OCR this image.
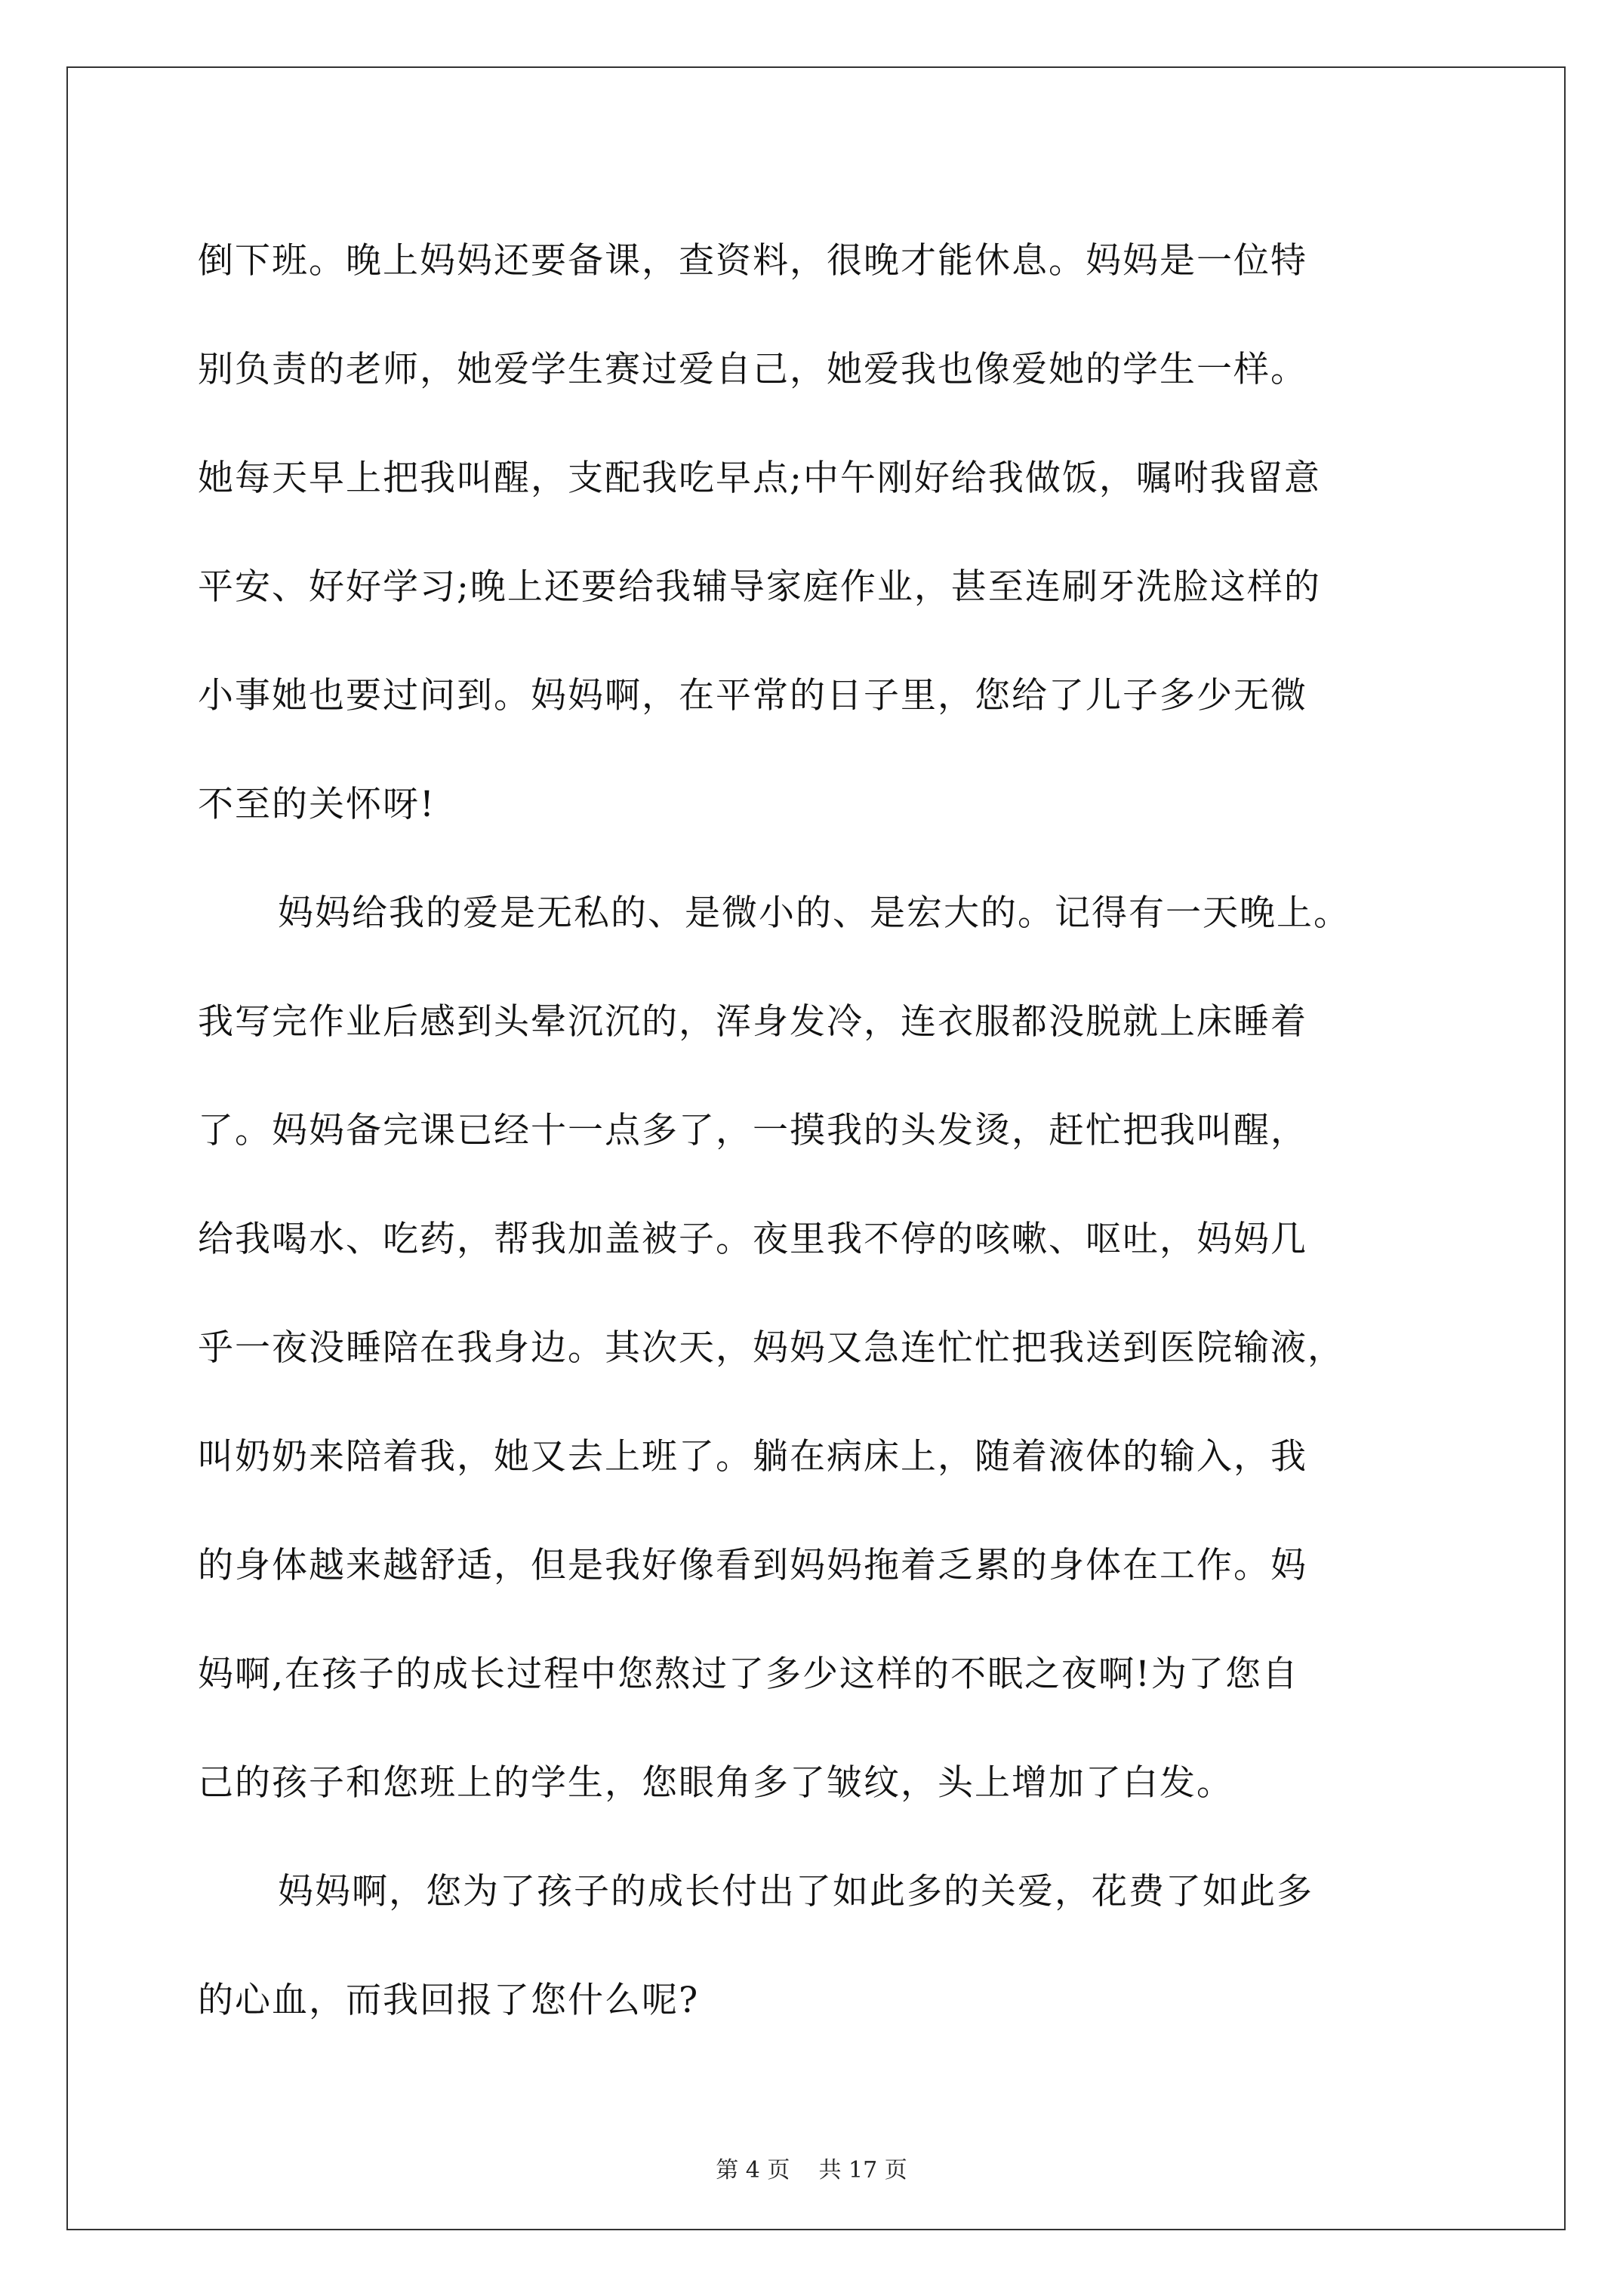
倒下班。晚上妈妈还要备课，查资料，很晚才能休息。妈妈是一位特
别负责的老师，她爱学生赛过爱自己，她爱我也像爱她的学生一样。
她每天早上把我叫醒，支配我吃早点;中午刚好给我做饭，嘱咐我留意
平安、好好学习;晚上还要给我辅导家庭作业，甚至连刷牙洗脸这样的
小事她也要过问到。妈妈啊，在平常的日子里，您给了儿子多少无微
不至的关怀呀!
妈妈给我的爱是无私的、是微小的、是宏大的。记得有一天晚上。
我写完作业后感到头晕沉沉的，浑身发冷，连衣服都没脱就上床睡着
了。妈妈备完课已经十一点多了，一摸我的头发烫，赶忙把我叫醒，
给我喝水、吃药，帮我加盖被子。夜里我不停的咳嗽、呕吐，妈妈几
乎一夜没睡陪在我身边。其次天，妈妈又急连忙忙把我送到医院输液，
叫奶奶来陪着我，她又去上班了。躺在病床上，随着液体的输入，我
的身体越来越舒适，但是我好像看到妈妈拖着乏累的身体在工作。妈
妈啊,在孩子的成长过程中您熬过了多少这样的不眠之夜啊!为了您自
己的孩子和您班上的学生，您眼角多了皱纹，头上增加了白发。
妈妈啊，您为了孩子的成长付出了如此多的关爱，花费了如此多
的心血，而我回报了您什么呢?
第 4 页    共 17 页
